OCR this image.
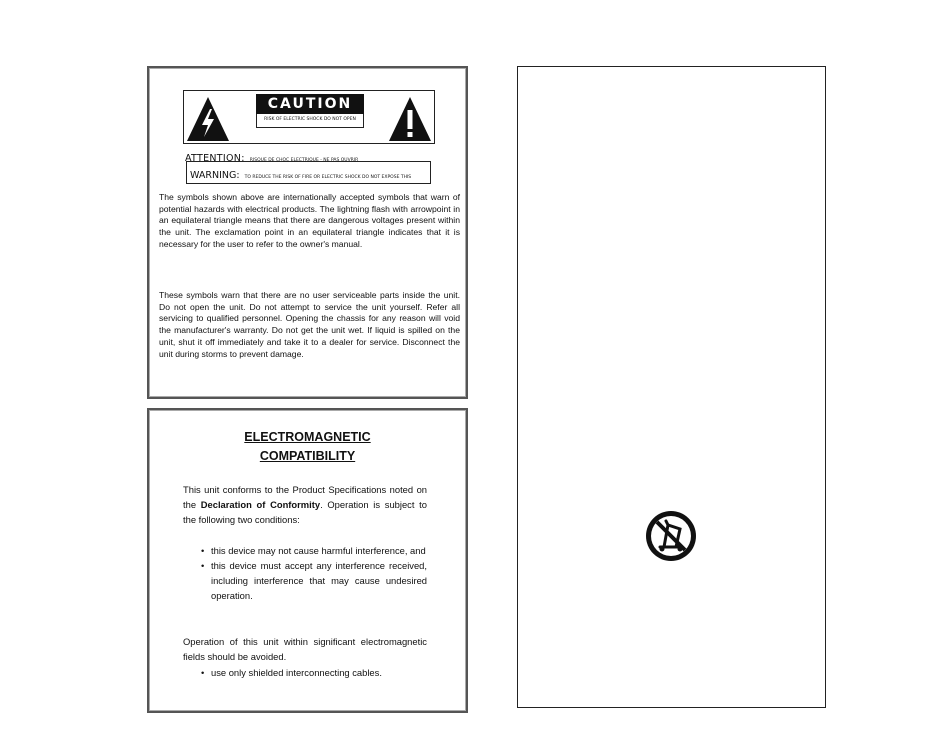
CAUTION
RISK OF ELECTRIC SHOCK DO NOT OPEN
ATTENTION: RISQUE DE CHOC ELECTRIQUE - NE PAS OUVRIR
WARNING: TO REDUCE THE RISK OF FIRE OR ELECTRIC SHOCK DO NOT EXPOSE THIS

The symbols shown above are internationally accepted symbols that warn of potential hazards with electrical products. The lightning flash with arrowpoint in an equilateral triangle means that there are dangerous voltages present within the unit. The exclamation point in an equilateral triangle indicates that it is necessary for the user to refer to the owner's manual.

These symbols warn that there are no user serviceable parts inside the unit. Do not open the unit. Do not attempt to service the unit yourself. Refer all servicing to qualified personnel. Opening the chassis for any reason will void the manufacturer's warranty. Do not get the unit wet. If liquid is spilled on the unit, shut it off immediately and take it to a dealer for service. Disconnect the unit during storms to prevent damage.

ELECTROMAGNETIC
COMPATIBILITY

This unit conforms to the Product Specifications noted on the Declaration of Conformity. Operation is subject to the following two conditions:

• this device may not cause harmful interference, and
• this device must accept any interference received, including interference that may cause undesired operation.

Operation of this unit within significant electromagnetic fields should be avoided.

• use only shielded interconnecting cables.
